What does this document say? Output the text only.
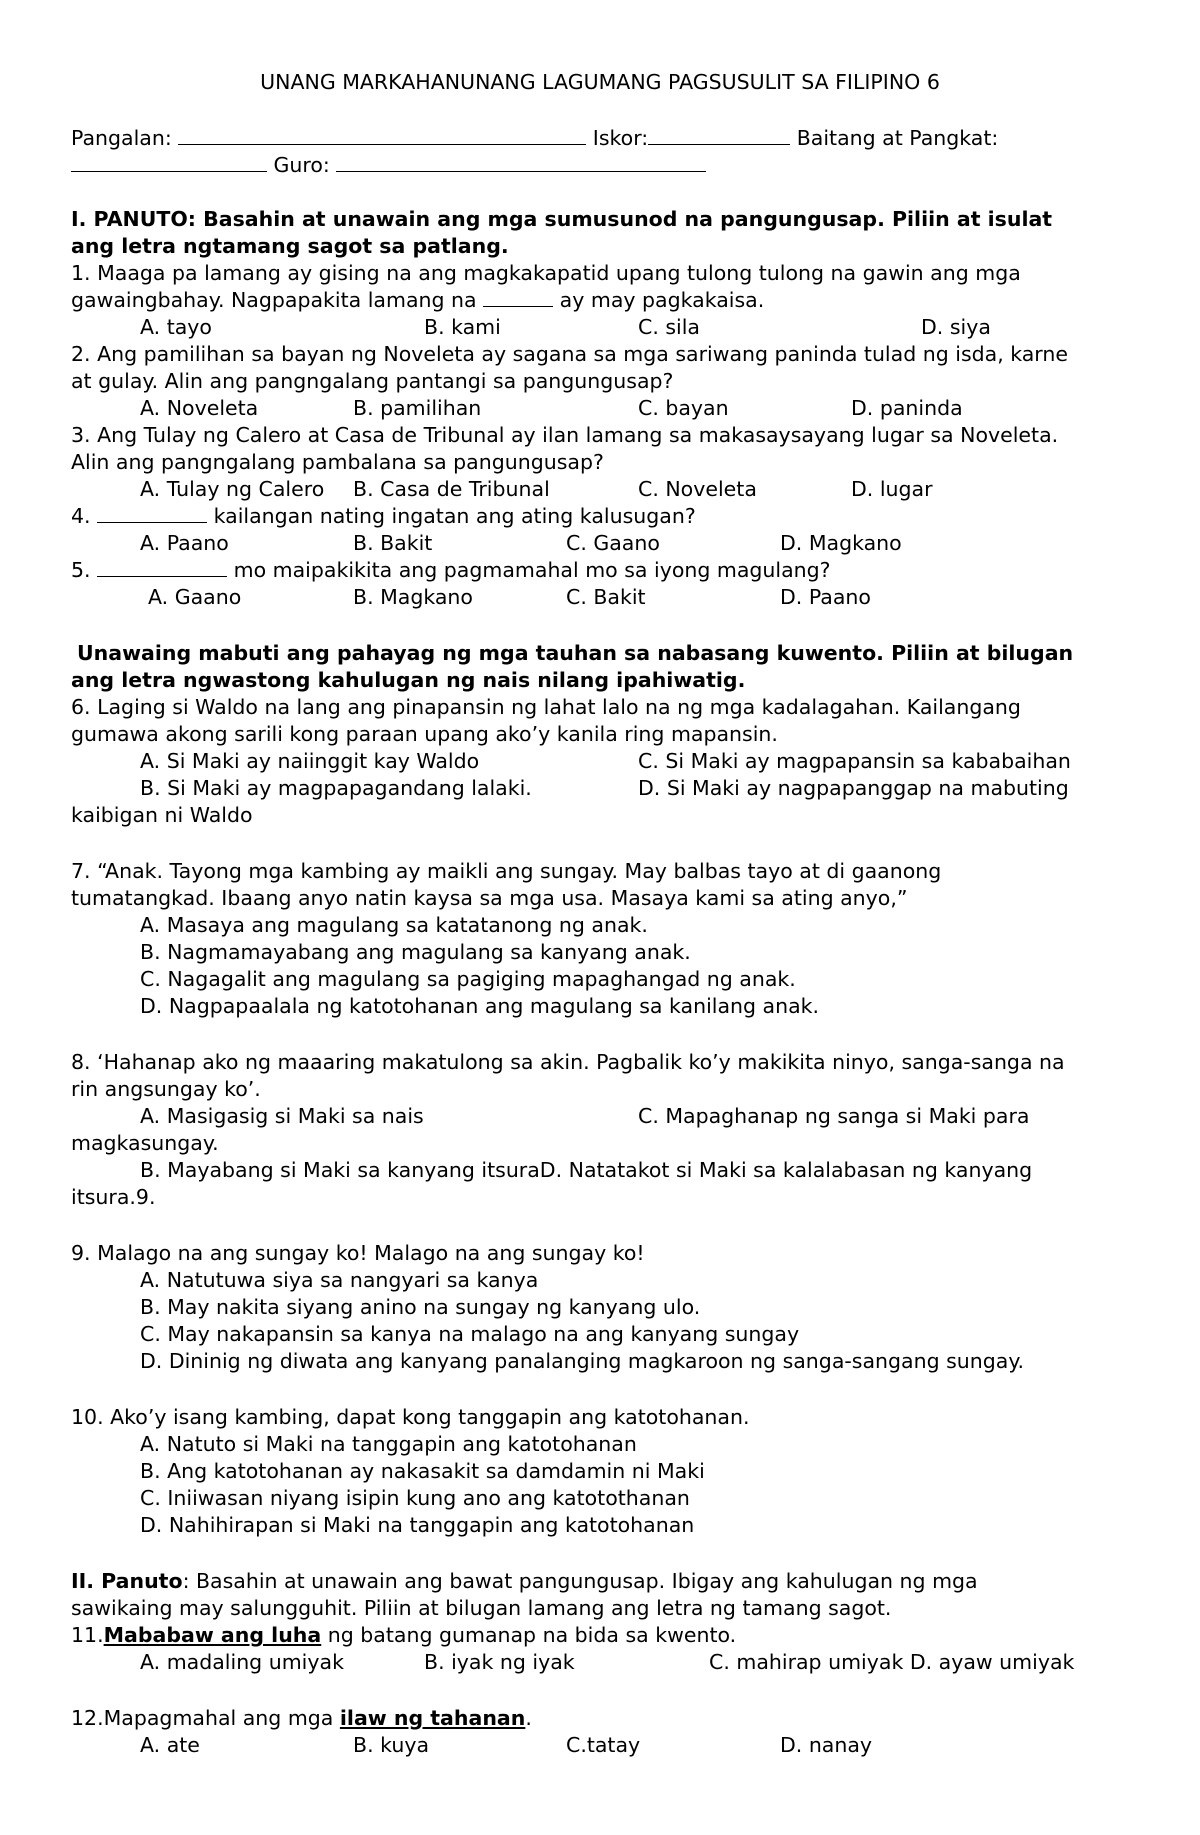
UNANG MARKAHANUNANG LAGUMANG PAGSUSULIT SA FILIPINO 6
Pangalan:	Iskor:	Baitang at Pangkat:
Guro:
I. PANUTO: Basahin at unawain ang mga sumusunod na pangungusap. Piliin at isulat
ang letra ngtamang sagot sa patlang.
1. Maaga pa lamang ay gising na ang magkakapatid upang tulong tulong na gawin ang mga
gawaingbahay. Nagpapakita lamang na	ay may pagkakaisa.
A. tayo	B. kami	C. sila	D. siya
2. Ang pamilihan sa bayan ng Noveleta ay sagana sa mga sariwang paninda tulad ng isda, karne
at gulay. Alin ang pangngalang pantangi sa pangungusap?
A. Noveleta	B. pamilihan	C. bayan	D. paninda
3. Ang Tulay ng Calero at Casa de Tribunal ay ilan lamang sa makasaysayang lugar sa Noveleta.
Alin ang pangngalang pambalana sa pangungusap?
A. Tulay ng Calero B. Casa de Tribunal	C. Noveleta	D. lugar
4.	kailangan nating ingatan ang ating kalusugan?
A. Paano	B. Bakit	C. Gaano	D. Magkano
5.	mo maipakikita ang pagmamahal mo sa iyong magulang?
A. Gaano	B. Magkano	C. Bakit	D. Paano
Unawaing mabuti ang pahayag ng mga tauhan sa nabasang kuwento. Piliin at bilugan
ang letra ngwastong kahulugan ng nais nilang ipahiwatig.
6. Laging si Waldo na lang ang pinapansin ng lahat lalo na ng mga kadalagahan. Kailangang
gumawa akong sarili kong paraan upang ako’y kanila ring mapansin.
A. Si Maki ay naiinggit kay Waldo	C. Si Maki ay magpapansin sa kababaihan
B. Si Maki ay magpapagandang lalaki.	D. Si Maki ay nagpapanggap na mabuting
kaibigan ni Waldo
7. “Anak. Tayong mga kambing ay maikli ang sungay. May balbas tayo at di gaanong
tumatangkad. Ibaang anyo natin kaysa sa mga usa. Masaya kami sa ating anyo,”
A. Masaya ang magulang sa katatanong ng anak.
B. Nagmamayabang ang magulang sa kanyang anak.
C. Nagagalit ang magulang sa pagiging mapaghangad ng anak.
D. Nagpapaalala ng katotohanan ang magulang sa kanilang anak.
8. ‘Hahanap ako ng maaaring makatulong sa akin. Pagbalik ko’y makikita ninyo, sanga-sanga na
rin angsungay ko’.
A. Masigasig si Maki sa nais	C. Mapaghanap ng sanga si Maki para
magkasungay.
B. Mayabang si Maki sa kanyang itsuraD. Natatakot si Maki sa kalalabasan ng kanyang
itsura.9.
9. Malago na ang sungay ko! Malago na ang sungay ko!
A. Natutuwa siya sa nangyari sa kanya
B. May nakita siyang anino na sungay ng kanyang ulo.
C. May nakapansin sa kanya na malago na ang kanyang sungay
D. Dininig ng diwata ang kanyang panalanging magkaroon ng sanga-sangang sungay.
10. Ako’y isang kambing, dapat kong tanggapin ang katotohanan.
A. Natuto si Maki na tanggapin ang katotohanan
B. Ang katotohanan ay nakasakit sa damdamin ni Maki
C. Iniiwasan niyang isipin kung ano ang katotothanan
D. Nahihirapan si Maki na tanggapin ang katotohanan
II. Panuto: Basahin at unawain ang bawat pangungusap. Ibigay ang kahulugan ng mga
sawikaing may salungguhit. Piliin at bilugan lamang ang letra ng tamang sagot.
11.Mababaw ang luha ng batang gumanap na bida sa kwento.
A. madaling umiyak	B. iyak ng iyak	C. mahirap umiyak D. ayaw umiyak
12.Mapagmahal ang mga ilaw ng tahanan.
A. ate	B. kuya	C.tatay	D. nanay
